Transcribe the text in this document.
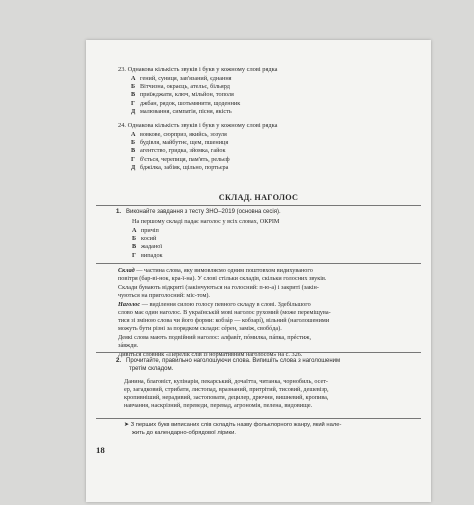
23. Однакова кількість звуків і букв у кожному слові рядка
А гений, суниця, зав'язаний, єднання
Б Вітчизна, окраєць, ательє, більярд
В приїжджати, ключ, мільйон, тополя
Г джбан, рядок, шотьмянити, щоденник
Д малювання, симпатія, пісня, якість
24. Однакова кількість звуків і букв у кожному слові рядка
А вовкове, сюрприз, якийсь, зозуля
Б будівля, майбутнє, щем, пшениця
В агентство, гридка, зйомка, гайок
Г б'ється, черепиця, пам'ять, рельєф
Д бджілка, забіяк, щільно, портьєра
СКЛАД. НАГОЛОС
1. Виконайте завдання з тесту ЗНО–2019 (основна сесія).
На першому складі падає наголос у всіх словах, ОКРІМ
А причіп
Б косий
В жаданої
Г випадок
Склад — частина слова, яку вимовляємо одним поштовхом видихуваного
повітря (бар-ві-нок, кра-ї-на). У слові стільки складів, скільки голосних звуків.
Склади бувають відкриті (закінчуються на голосний: п-ю-а) і закриті (закін-
чуються на приголосний: міс-том).
Наголос — виділення силою голосу певного складу в слові. Здебільшого
слово має один наголос. В українській мові наголос рухомий (може переміщува-
тися зі зміною слова чи його форми: кобзáр — кобзарí), вільний (наголошеними
можуть бути різні за порядком склади: сéрен, заміж, свобóда).
Деякі слова мають подвійний наголос: алфавíт, пóмилка, пáпка, прéстиж,
зáвжди.
Дивіться словник «Перелік слів із нормативним наголосом» на с. 326.
2. Прочитайте, правильно наголошуючи слова. Випишіть слова з наголошеним
третім складом.
Данина, благовіст, кулінарія, пекарський, дочаїтта, читанка, чорнобиль, осет-
ер, загадковий, стрибати, листопад, вразнаний, притрітий, тисовий, дешевізр,
кропивніший, нерадивий, застоповати, децилер, дрючни, вишневий, кропива,
навчання, наскрізний, переведи, перевад, агрономія, пелена, видовище.
➤ З перших букв виписаних слів складіть назву фольклорного жанру, який нале-
жить до календарно-обрядової лірики.
18
